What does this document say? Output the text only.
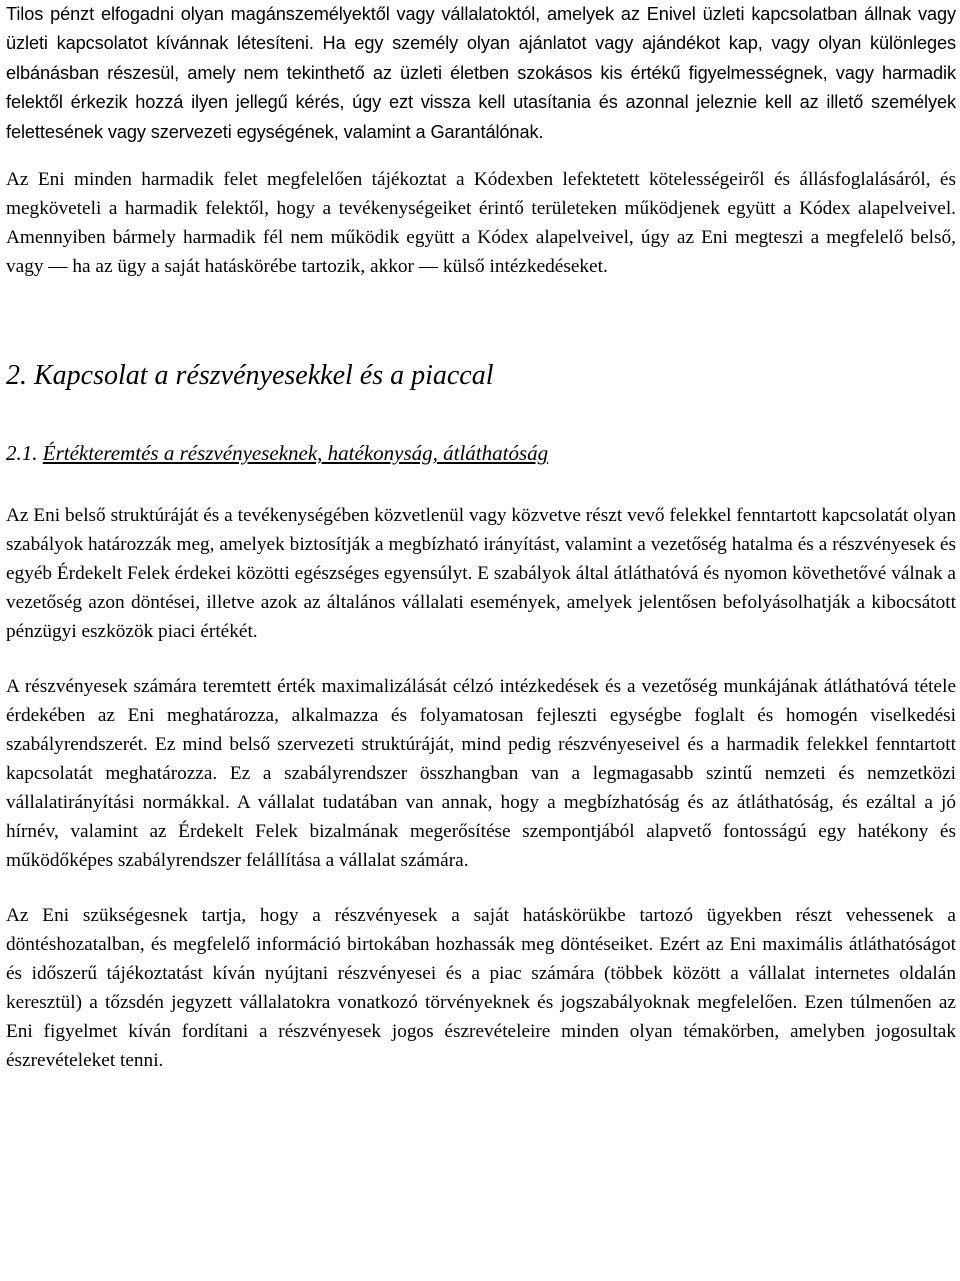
Tilos pénzt elfogadni olyan magánszemélyektől vagy vállalatoktól, amelyek az Enivel üzleti kapcsolatban állnak vagy üzleti kapcsolatot kívánnak létesíteni. Ha egy személy olyan ajánlatot vagy ajándékot kap, vagy olyan különleges elbánásban részesül, amely nem tekinthető az üzleti életben szokásos kis értékű figyelmességnek, vagy harmadik felektől érkezik hozzá ilyen jellegű kérés, úgy ezt vissza kell utasítania és azonnal jeleznie kell az illető személyek felettesének vagy szervezeti egységének, valamint a Garantálónak.

Az Eni minden harmadik felet megfelelően tájékoztat a Kódexben lefektetett kötelességeiről és állásfoglalásáról, és megköveteli a harmadik felektől, hogy a tevékenységeiket érintő területeken működjenek együtt a Kódex alapelveivel. Amennyiben bármely harmadik fél nem működik együtt a Kódex alapelveivel, úgy az Eni megteszi a megfelelő belső, vagy ― ha az ügy a saját hatáskörébe tartozik, akkor ― külső intézkedéseket.

2. Kapcsolat a részvényesekkel és a piaccal
2.1. Értékteremtés a részvényeseknek, hatékonyság, átláthatóság

Az Eni belső struktúráját és a tevékenységében közvetlenül vagy közvetve részt vevő felekkel fenntartott kapcsolatát olyan szabályok határozzák meg, amelyek biztosítják a megbízható irányítást, valamint a vezetőség hatalma és a részvényesek és egyéb Érdekelt Felek érdekei közötti egészséges egyensúlyt. E szabályok által átláthatóvá és nyomon követhetővé válnak a vezetőség azon döntései, illetve azok az általános vállalati események, amelyek jelentősen befolyásolhatják a kibocsátott pénzügyi eszközök piaci értékét.

A részvényesek számára teremtett érték maximalizálását célzó intézkedések és a vezetőség munkájának átláthatóvá tétele érdekében az Eni meghatározza, alkalmazza és folyamatosan fejleszti egységbe foglalt és homogén viselkedési szabályrendszerét. Ez mind belső szervezeti struktúráját, mind pedig részvényeseivel és a harmadik felekkel fenntartott kapcsolatát meghatározza. Ez a szabályrendszer összhangban van a legmagasabb szintű nemzeti és nemzetközi vállalatirányítási normákkal. A vállalat tudatában van annak, hogy a megbízhatóság és az átláthatóság, és ezáltal a jó hírnév, valamint az Érdekelt Felek bizalmának megerősítése szempontjából alapvető fontosságú egy hatékony és működőképes szabályrendszer felállítása a vállalat számára.

Az Eni szükségesnek tartja, hogy a részvényesek a saját hatáskörükbe tartozó ügyekben részt vehessenek a döntéshozatalban, és megfelelő információ birtokában hozhassák meg döntéseiket. Ezért az Eni maximális átláthatóságot és időszerű tájékoztatást kíván nyújtani részvényesei és a piac számára (többek között a vállalat internetes oldalán keresztül) a tőzsdén jegyzett vállalatokra vonatkozó törvényeknek és jogszabályoknak megfelelően. Ezen túlmenően az Eni figyelmet kíván fordítani a részvényesek jogos észrevételeire minden olyan témakörben, amelyben jogosultak észrevételeket tenni.
